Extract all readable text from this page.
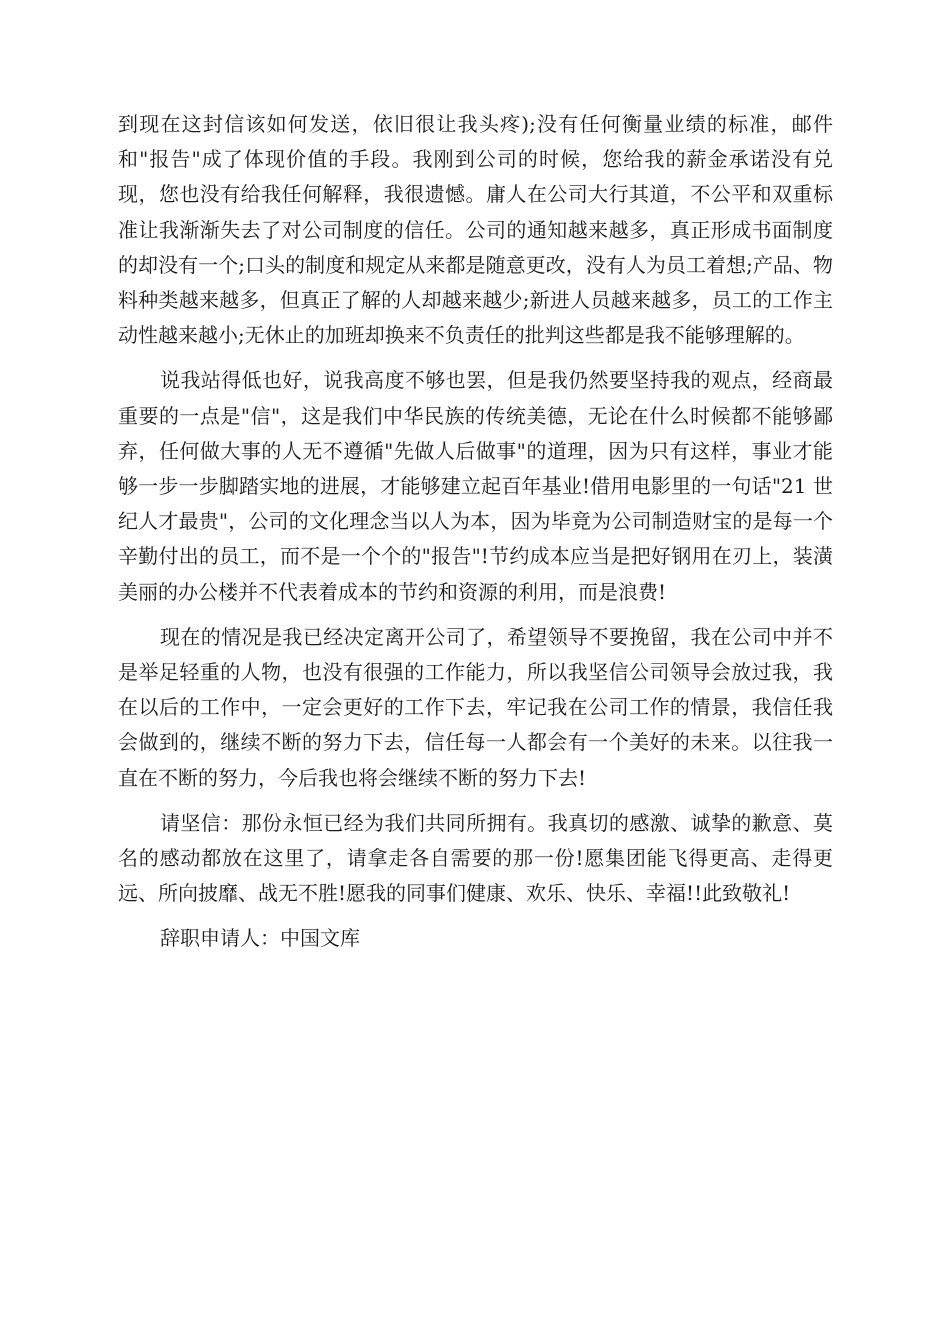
到现在这封信该如何发送，依旧很让我头疼);没有任何衡量业绩的标准，邮件和"报告"成了体现价值的手段。我刚到公司的时候，您给我的薪金承诺没有兑现，您也没有给我任何解释，我很遗憾。庸人在公司大行其道，不公平和双重标准让我渐渐失去了对公司制度的信任。公司的通知越来越多，真正形成书面制度的却没有一个;口头的制度和规定从来都是随意更改，没有人为员工着想;产品、物料种类越来越多，但真正了解的人却越来越少;新进人员越来越多，员工的工作主动性越来越小;无休止的加班却换来不负责任的批判这些都是我不能够理解的。

说我站得低也好，说我高度不够也罢，但是我仍然要坚持我的观点，经商最重要的一点是"信"，这是我们中华民族的传统美德，无论在什么时候都不能够鄙弃，任何做大事的人无不遵循"先做人后做事"的道理，因为只有这样，事业才能够一步一步脚踏实地的进展，才能够建立起百年基业!借用电影里的一句话"21 世纪人才最贵"，公司的文化理念当以人为本，因为毕竟为公司制造财宝的是每一个辛勤付出的员工，而不是一个个的"报告"!节约成本应当是把好钢用在刃上，装潢美丽的办公楼并不代表着成本的节约和资源的利用，而是浪费!

现在的情况是我已经决定离开公司了，希望领导不要挽留，我在公司中并不是举足轻重的人物，也没有很强的工作能力，所以我坚信公司领导会放过我，我在以后的工作中，一定会更好的工作下去，牢记我在公司工作的情景，我信任我会做到的，继续不断的努力下去，信任每一人都会有一个美好的未来。以往我一直在不断的努力，今后我也将会继续不断的努力下去!

请坚信：那份永恒已经为我们共同所拥有。我真切的感激、诚挚的歉意、莫名的感动都放在这里了，请拿走各自需要的那一份!愿集团能飞得更高、走得更远、所向披靡、战无不胜!愿我的同事们健康、欢乐、快乐、幸福!!此致敬礼!

辞职申请人：中国文库
